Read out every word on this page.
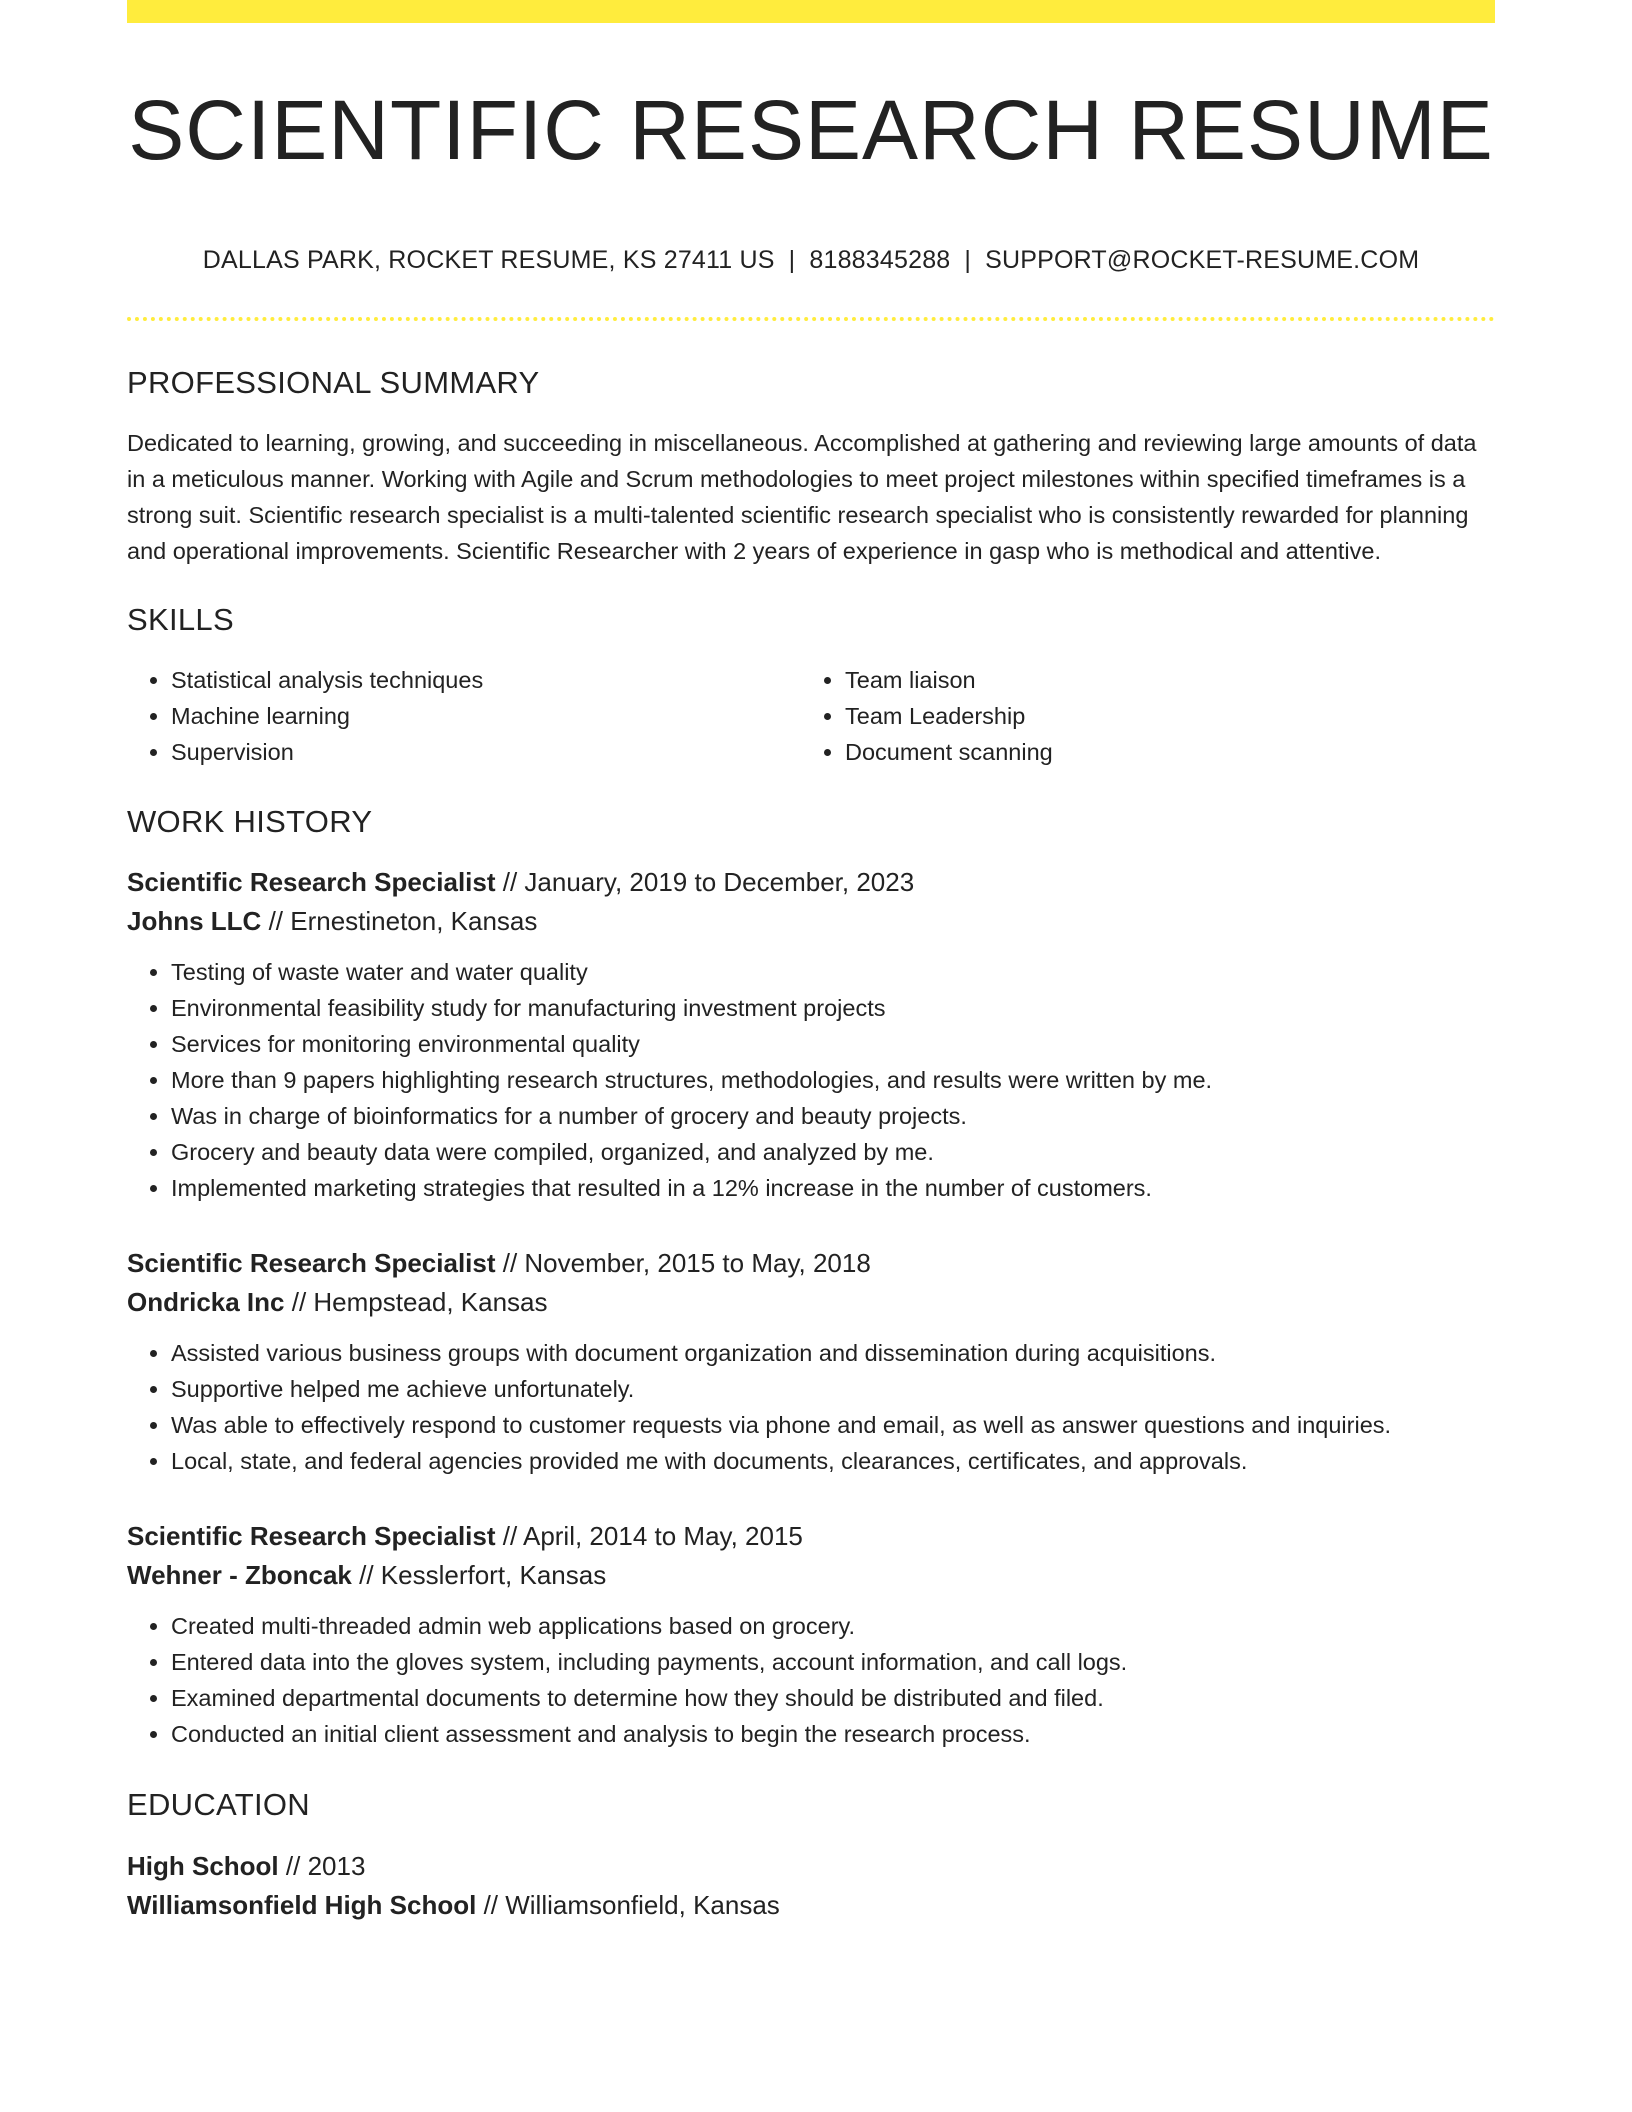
SCIENTIFIC RESEARCH RESUME
DALLAS PARK, ROCKET RESUME, KS 27411 US | 8188345288 | SUPPORT@ROCKET-RESUME.COM
PROFESSIONAL SUMMARY
Dedicated to learning, growing, and succeeding in miscellaneous. Accomplished at gathering and reviewing large amounts of data in a meticulous manner. Working with Agile and Scrum methodologies to meet project milestones within specified timeframes is a strong suit. Scientific research specialist is a multi-talented scientific research specialist who is consistently rewarded for planning and operational improvements. Scientific Researcher with 2 years of experience in gasp who is methodical and attentive.
SKILLS
• Statistical analysis techniques
• Machine learning
• Supervision
• Team liaison
• Team Leadership
• Document scanning
WORK HISTORY
Scientific Research Specialist // January, 2019 to December, 2023
Johns LLC // Ernestineton, Kansas
• Testing of waste water and water quality
• Environmental feasibility study for manufacturing investment projects
• Services for monitoring environmental quality
• More than 9 papers highlighting research structures, methodologies, and results were written by me.
• Was in charge of bioinformatics for a number of grocery and beauty projects.
• Grocery and beauty data were compiled, organized, and analyzed by me.
• Implemented marketing strategies that resulted in a 12% increase in the number of customers.
Scientific Research Specialist // November, 2015 to May, 2018
Ondricka Inc // Hempstead, Kansas
• Assisted various business groups with document organization and dissemination during acquisitions.
• Supportive helped me achieve unfortunately.
• Was able to effectively respond to customer requests via phone and email, as well as answer questions and inquiries.
• Local, state, and federal agencies provided me with documents, clearances, certificates, and approvals.
Scientific Research Specialist // April, 2014 to May, 2015
Wehner - Zboncak // Kesslerfort, Kansas
• Created multi-threaded admin web applications based on grocery.
• Entered data into the gloves system, including payments, account information, and call logs.
• Examined departmental documents to determine how they should be distributed and filed.
• Conducted an initial client assessment and analysis to begin the research process.
EDUCATION
High School // 2013
Williamsonfield High School // Williamsonfield, Kansas
